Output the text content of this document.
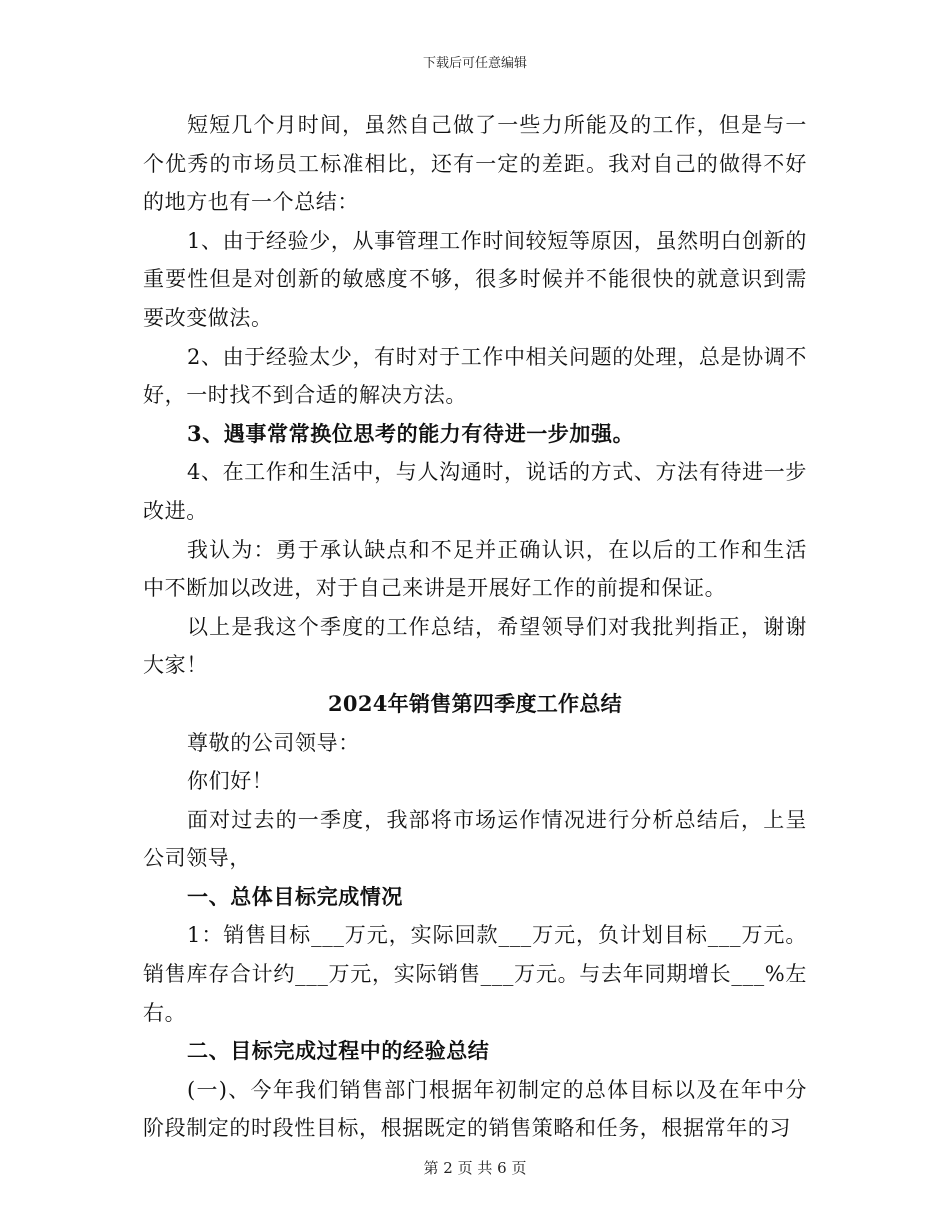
下载后可任意编辑

短短几个月时间，虽然自己做了一些力所能及的工作，但是与一个优秀的市场员工标准相比，还有一定的差距。我对自己的做得不好的地方也有一个总结：

1、由于经验少，从事管理工作时间较短等原因，虽然明白创新的重要性但是对创新的敏感度不够，很多时候并不能很快的就意识到需要改变做法。

2、由于经验太少，有时对于工作中相关问题的处理，总是协调不好，一时找不到合适的解决方法。

3、遇事常常换位思考的能力有待进一步加强。

4、在工作和生活中，与人沟通时，说话的方式、方法有待进一步改进。

我认为：勇于承认缺点和不足并正确认识，在以后的工作和生活中不断加以改进，对于自己来讲是开展好工作的前提和保证。

以上是我这个季度的工作总结，希望领导们对我批判指正，谢谢大家！

2024年销售第四季度工作总结

尊敬的公司领导：

你们好！

面对过去的一季度，我部将市场运作情况进行分析总结后，上呈公司领导，

一、总体目标完成情况

1：销售目标___万元，实际回款___万元，负计划目标___万元。销售库存合计约___万元，实际销售___万元。与去年同期增长___%左右。

二、目标完成过程中的经验总结

(一)、今年我们销售部门根据年初制定的总体目标以及在年中分阶段制定的时段性目标，根据既定的销售策略和任务，根据常年的习

第 2 页 共 6 页
